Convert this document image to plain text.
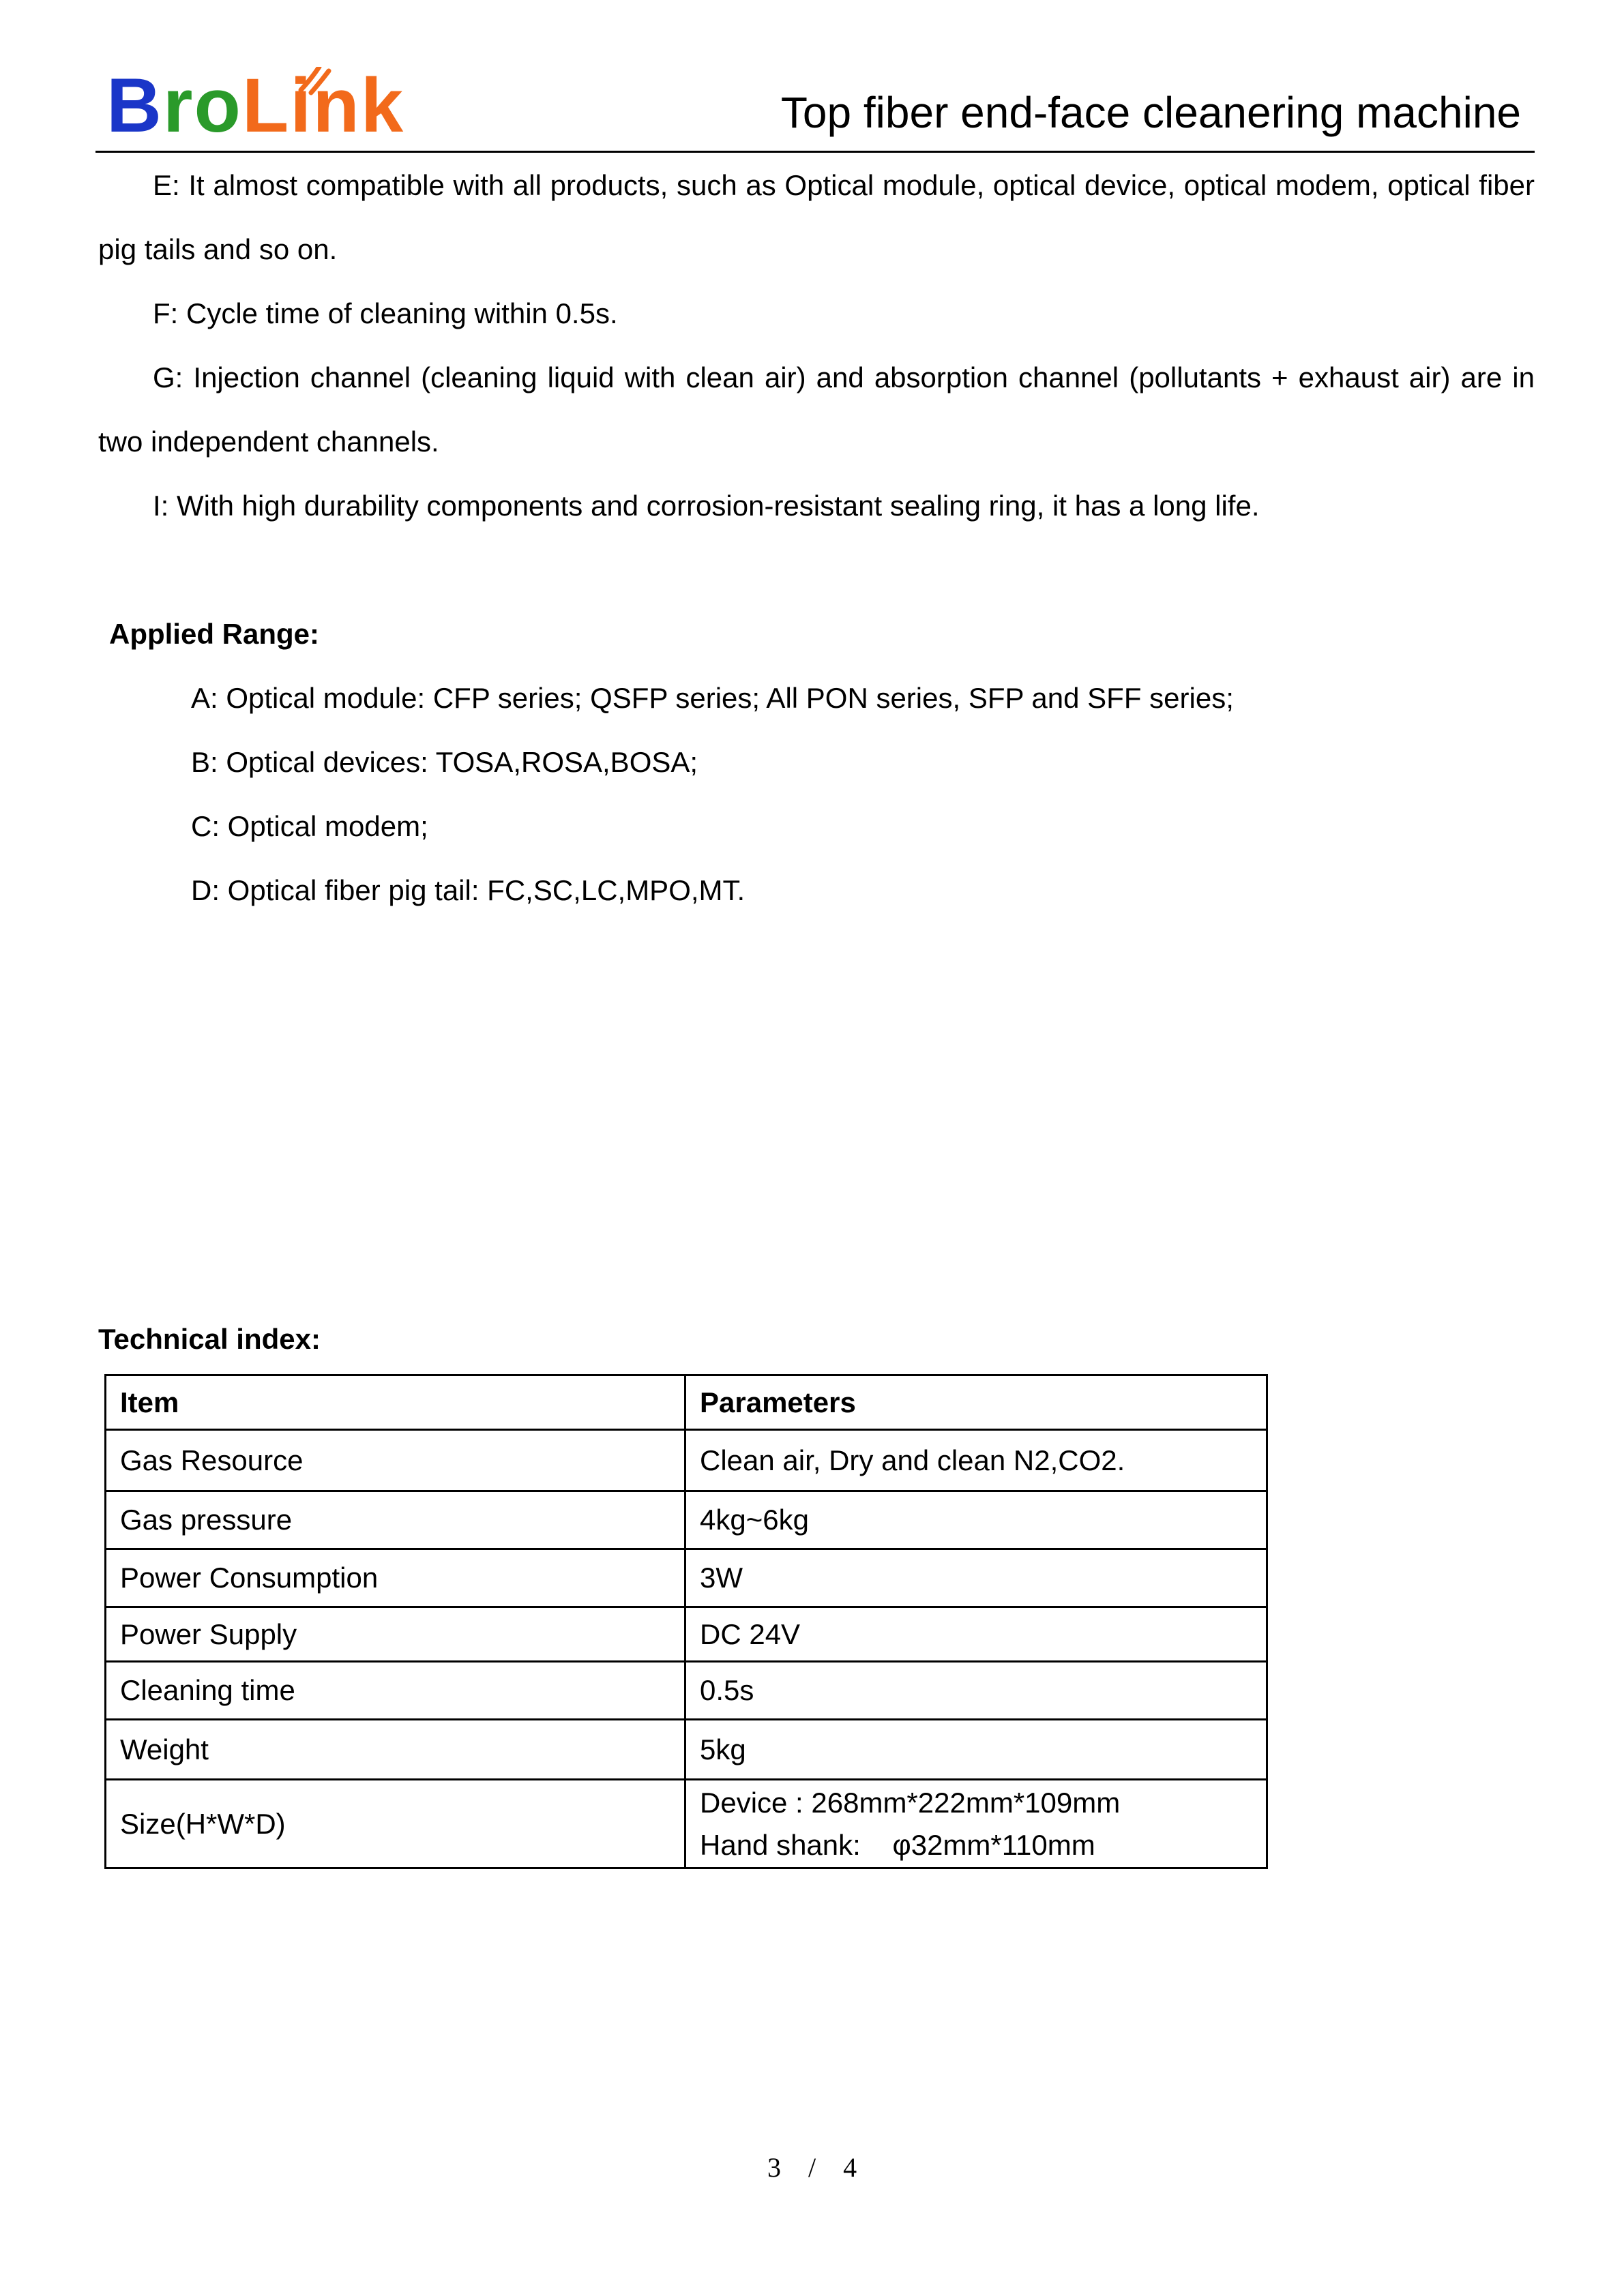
BroLink	Top fiber end-face cleanering machine
E: It almost compatible with all products, such as Optical module, optical device, optical modem, optical fiber
pig tails and so on.
F: Cycle time of cleaning within 0.5s.
G: Injection channel (cleaning liquid with clean air) and absorption channel (pollutants + exhaust air) are in
two independent channels.
I: With high durability components and corrosion-resistant sealing ring, it has a long life.
Applied Range:
A: Optical module: CFP series; QSFP series; All PON series, SFP and SFF series;
B: Optical devices: TOSA,ROSA,BOSA;
C: Optical modem;
D: Optical fiber pig tail: FC,SC,LC,MPO,MT.
Technical index:
Item	Parameters
Gas Resource	Clean air, Dry and clean N2,CO2.
Gas pressure	4kg~6kg
Power Consumption	3W
Power Supply	DC 24V
Cleaning time	0.5s
Weight	5kg
Size(H*W*D)	Device : 268mm*222mm*109mm
Hand shank:    φ32mm*110mm
3 / 4
